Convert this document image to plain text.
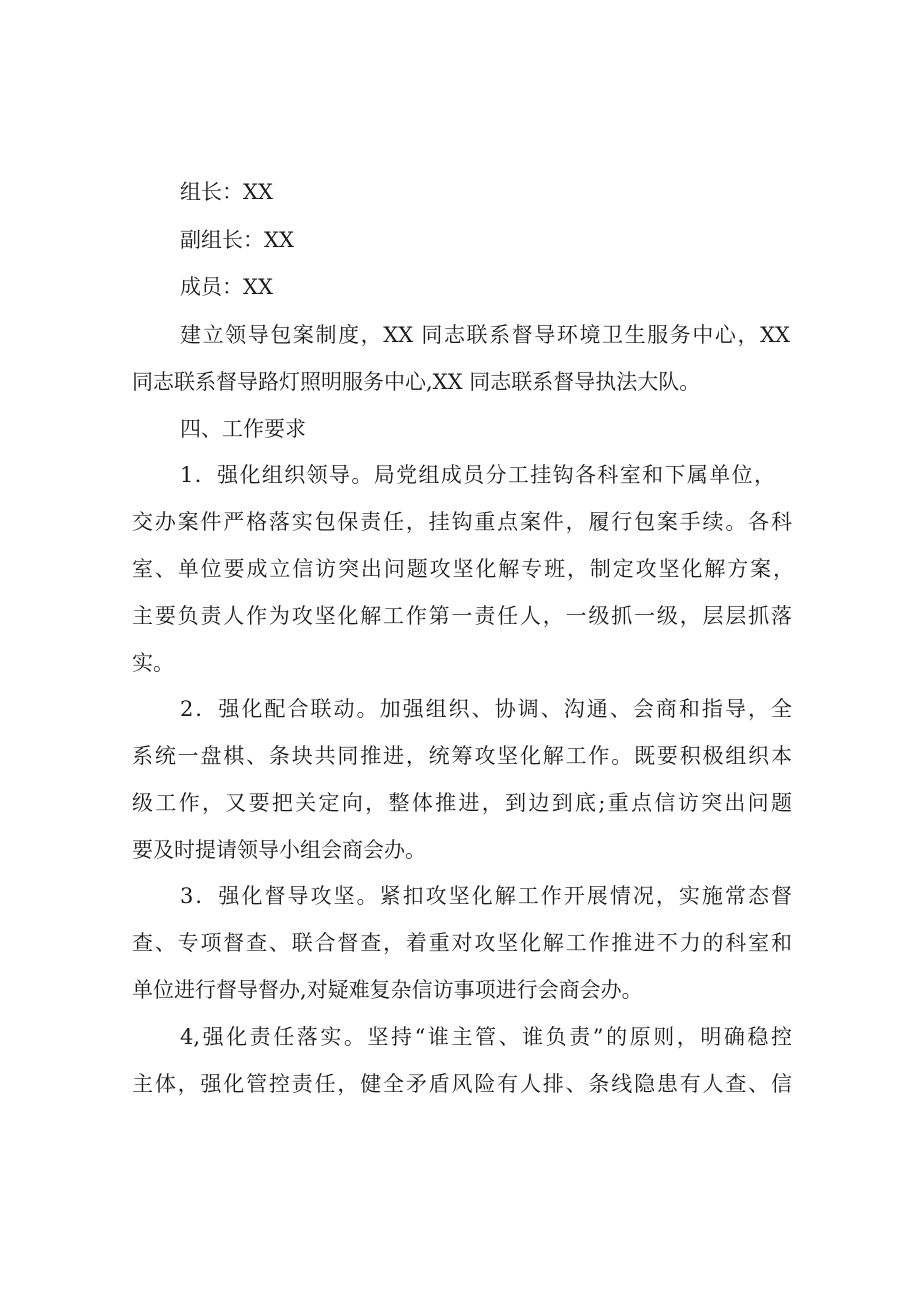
组长：XX
副组长：XX
成员：XX
建立领导包案制度，XX 同志联系督导环境卫生服务中心，XX
同志联系督导路灯照明服务中心,XX 同志联系督导执法大队。
四、工作要求
1．强化组织领导。局党组成员分工挂钩各科室和下属单位，
交办案件严格落实包保责任，挂钩重点案件，履行包案手续。各科
室、单位要成立信访突出问题攻坚化解专班，制定攻坚化解方案，
主要负责人作为攻坚化解工作第一责任人，一级抓一级，层层抓落
实。
2．强化配合联动。加强组织、协调、沟通、会商和指导，全
系统一盘棋、条块共同推进，统筹攻坚化解工作。既要积极组织本
级工作，又要把关定向，整体推进，到边到底;重点信访突出问题
要及时提请领导小组会商会办。
3．强化督导攻坚。紧扣攻坚化解工作开展情况，实施常态督
查、专项督查、联合督查，着重对攻坚化解工作推进不力的科室和
单位进行督导督办,对疑难复杂信访事项进行会商会办。
4,强化责任落实。坚持“谁主管、谁负责”的原则，明确稳控
主体，强化管控责任，健全矛盾风险有人排、条线隐患有人查、信
